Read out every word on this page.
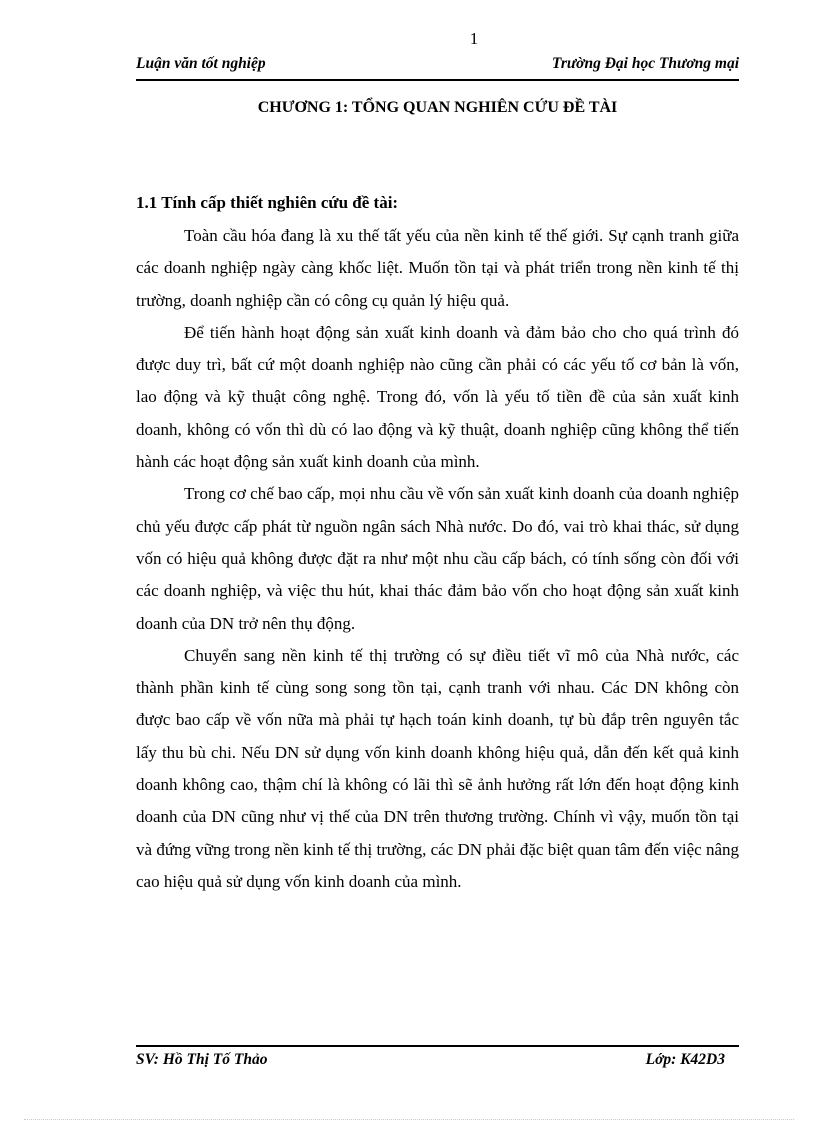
1
Luận văn tốt nghiệp	Trường Đại học Thương mại
CHƯƠNG 1: TỔNG QUAN NGHIÊN CỨU ĐỀ TÀI
1.1 Tính cấp thiết nghiên cứu đề tài:

Toàn cầu hóa đang là xu thế tất yếu của nền kinh tế thế giới. Sự cạnh tranh giữa các doanh nghiệp ngày càng khốc liệt. Muốn tồn tại và phát triển trong nền kinh tế thị trường, doanh nghiệp cần có công cụ quản lý hiệu quả.

Để tiến hành hoạt động sản xuất kinh doanh và đảm bảo cho cho quá trình đó được duy trì, bất cứ một doanh nghiệp nào cũng cần phải có các yếu tố cơ bản là vốn, lao động và kỹ thuật công nghệ. Trong đó, vốn là yếu tố tiền đề của sản xuất kinh doanh, không có vốn thì dù có lao động và kỹ thuật, doanh nghiệp cũng không thể tiến hành các hoạt động sản xuất kinh doanh của mình.

Trong cơ chế bao cấp, mọi nhu cầu về vốn sản xuất kinh doanh của doanh nghiệp chủ yếu được cấp phát từ nguồn ngân sách Nhà nước. Do đó, vai trò khai thác, sử dụng vốn có hiệu quả không được đặt ra như một nhu cầu cấp bách, có tính sống còn đối với các doanh nghiệp, và việc thu hút, khai thác đảm bảo vốn cho hoạt động sản xuất kinh doanh của DN trở nên thụ động.

Chuyển sang nền kinh tế thị trường có sự điều tiết vĩ mô của Nhà nước, các thành phần kinh tế cùng song song tồn tại, cạnh tranh với nhau. Các DN không còn được bao cấp về vốn nữa mà phải tự hạch toán kinh doanh, tự bù đắp trên nguyên tắc lấy thu bù chi. Nếu DN sử dụng vốn kinh doanh không hiệu quả, dẫn đến kết quả kinh doanh không cao, thậm chí là không có lãi thì sẽ ảnh hưởng rất lớn đến hoạt động kinh doanh của DN cũng như vị thế của DN trên thương trường. Chính vì vậy, muốn tồn tại và đứng vững trong nền kinh tế thị trường, các DN phải đặc biệt quan tâm đến việc nâng cao hiệu quả sử dụng vốn kinh doanh của mình.

SV: Hồ Thị Tố Thảo	Lớp: K42D3
